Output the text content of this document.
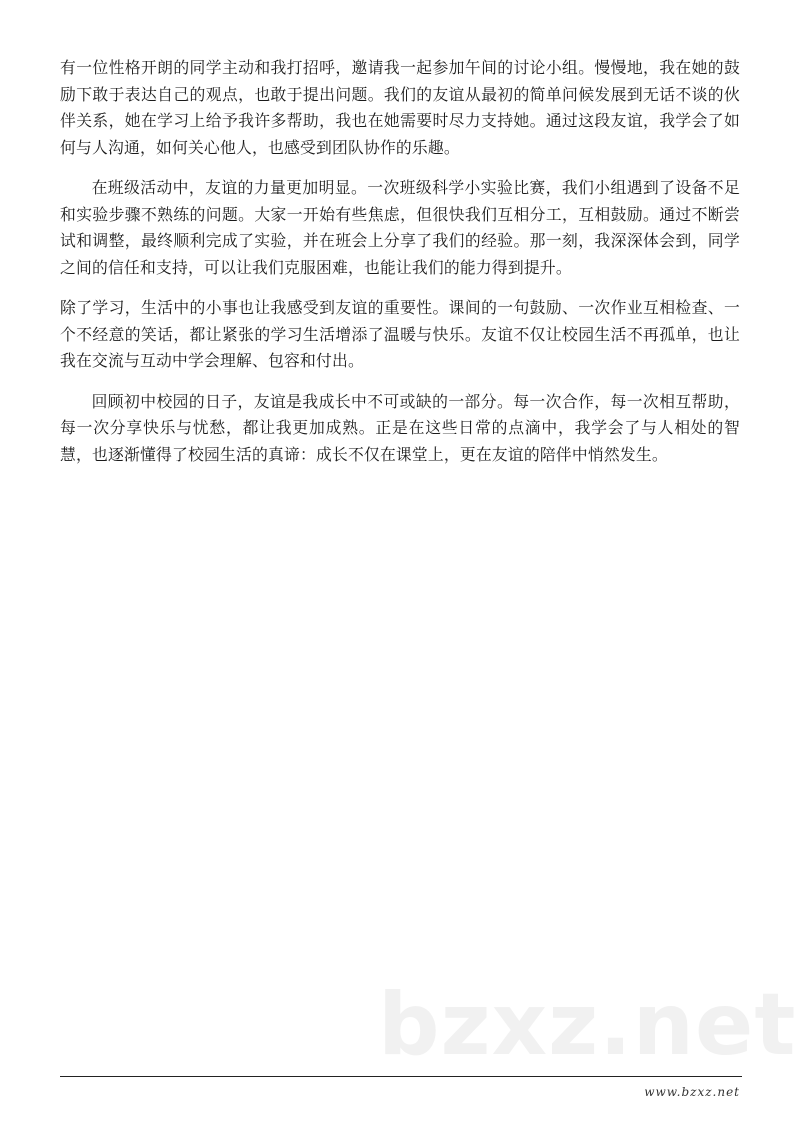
有一位性格开朗的同学主动和我打招呼，邀请我一起参加午间的讨论小组。慢慢地，我在她的鼓励下敢于表达自己的观点，也敢于提出问题。我们的友谊从最初的简单问候发展到无话不谈的伙伴关系，她在学习上给予我许多帮助，我也在她需要时尽力支持她。通过这段友谊，我学会了如何与人沟通，如何关心他人，也感受到团队协作的乐趣。

在班级活动中，友谊的力量更加明显。一次班级科学小实验比赛，我们小组遇到了设备不足和实验步骤不熟练的问题。大家一开始有些焦虑，但很快我们互相分工，互相鼓励。通过不断尝试和调整，最终顺利完成了实验，并在班会上分享了我们的经验。那一刻，我深深体会到，同学之间的信任和支持，可以让我们克服困难，也能让我们的能力得到提升。

除了学习，生活中的小事也让我感受到友谊的重要性。课间的一句鼓励、一次作业互相检查、一个不经意的笑话，都让紧张的学习生活增添了温暖与快乐。友谊不仅让校园生活不再孤单，也让我在交流与互动中学会理解、包容和付出。

回顾初中校园的日子，友谊是我成长中不可或缺的一部分。每一次合作，每一次相互帮助，每一次分享快乐与忧愁，都让我更加成熟。正是在这些日常的点滴中，我学会了与人相处的智慧，也逐渐懂得了校园生活的真谛：成长不仅在课堂上，更在友谊的陪伴中悄然发生。

bzxz.net
www.bzxz.net
